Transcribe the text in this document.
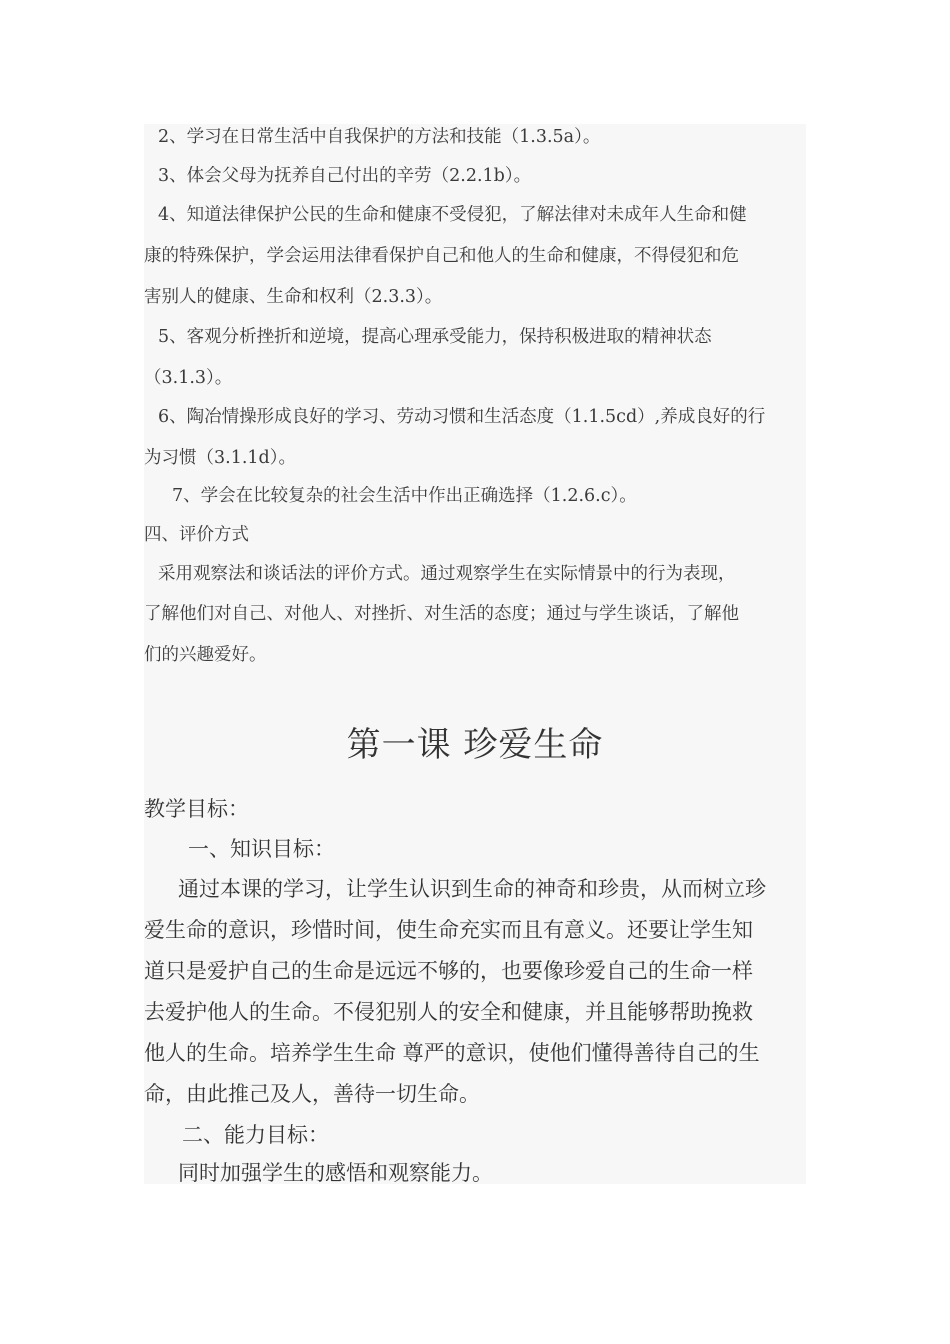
2、学习在日常生活中自我保护的方法和技能（1.3.5a）。
3、体会父母为抚养自己付出的辛劳（2.2.1b）。
4、知道法律保护公民的生命和健康不受侵犯，了解法律对未成年人生命和健
康的特殊保护，学会运用法律看保护自己和他人的生命和健康，不得侵犯和危
害别人的健康、生命和权利（2.3.3）。
5、客观分析挫折和逆境，提高心理承受能力，保持积极进取的精神状态
（3.1.3）。
6、陶冶情操形成良好的学习、劳动习惯和生活态度（1.1.5cd）,养成良好的行
为习惯（3.1.1d）。
7、学会在比较复杂的社会生活中作出正确选择（1.2.6.c）。
四、评价方式
采用观察法和谈话法的评价方式。通过观察学生在实际情景中的行为表现，
了解他们对自己、对他人、对挫折、对生活的态度；通过与学生谈话，了解他
们的兴趣爱好。
第一课 珍爱生命
教学目标：
一、知识目标：
通过本课的学习，让学生认识到生命的神奇和珍贵，从而树立珍
爱生命的意识，珍惜时间，使生命充实而且有意义。还要让学生知
道只是爱护自己的生命是远远不够的，也要像珍爱自己的生命一样
去爱护他人的生命。不侵犯别人的安全和健康，并且能够帮助挽救
他人的生命。培养学生生命 尊严的意识，使他们懂得善待自己的生
命，由此推己及人，善待一切生命。
二、能力目标：
同时加强学生的感悟和观察能力。
